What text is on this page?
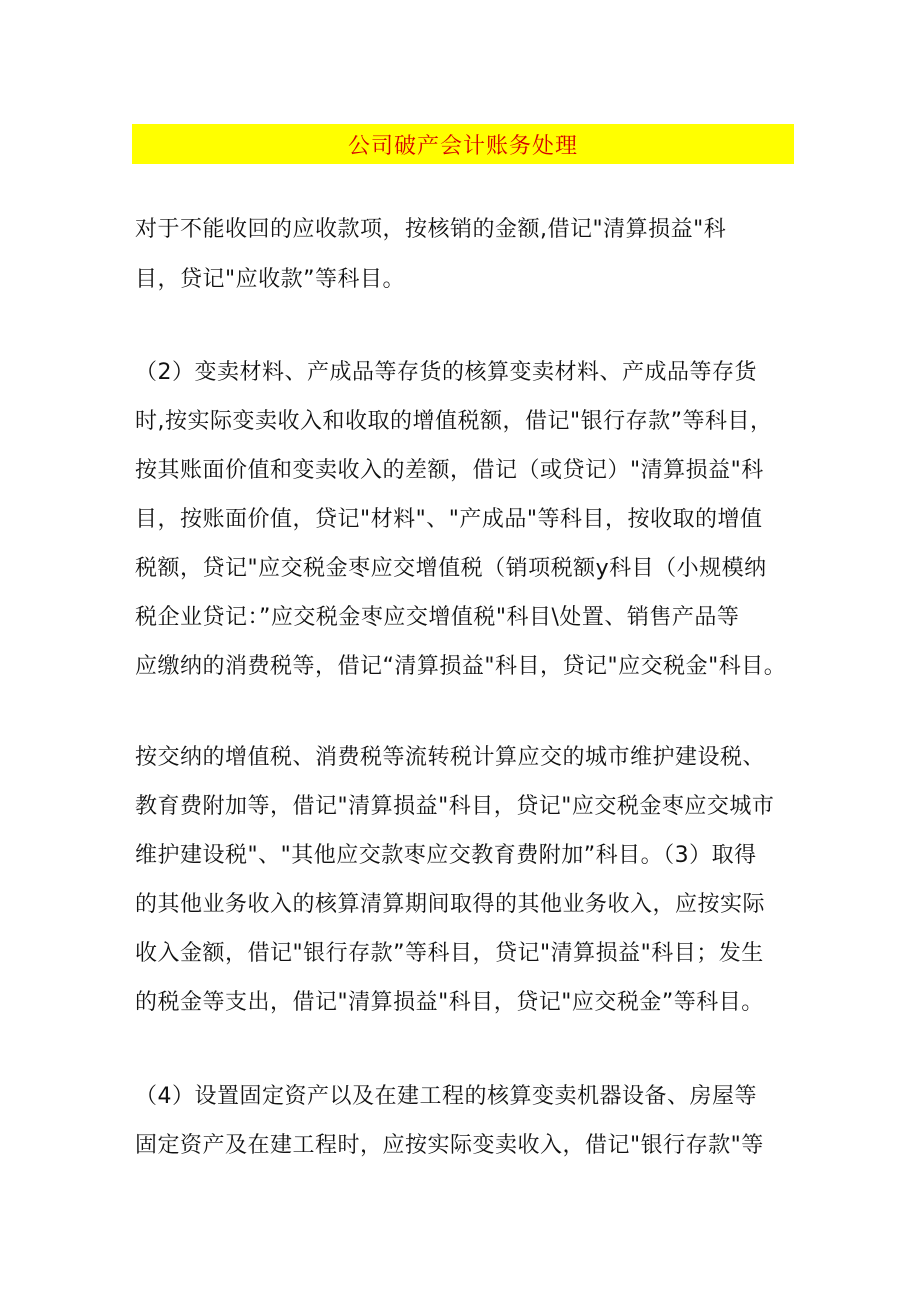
公司破产会计账务处理
对于不能收回的应收款项，按核销的金额,借记"清算损益"科
目，贷记"应收款”等科目。
（2）变卖材料、产成品等存货的核算变卖材料、产成品等存货
时,按实际变卖收入和收取的增值税额，借记"银行存款”等科目，
按其账面价值和变卖收入的差额，借记（或贷记）"清算损益"科
目，按账面价值，贷记"材料"、"产成品"等科目，按收取的增值
税额，贷记"应交税金枣应交增值税（销项税额y科目（小规模纳
税企业贷记：”应交税金枣应交增值税"科目\处置、销售产品等
应缴纳的消费税等，借记“清算损益"科目，贷记"应交税金"科目。
按交纳的增值税、消费税等流转税计算应交的城市维护建设税、
教育费附加等，借记"清算损益"科目，贷记"应交税金枣应交城市
维护建设税"、"其他应交款枣应交教育费附加”科目。（3）取得
的其他业务收入的核算清算期间取得的其他业务收入，应按实际
收入金额，借记"银行存款”等科目，贷记"清算损益"科目；发生
的税金等支出，借记"清算损益"科目，贷记"应交税金”等科目。
（4）设置固定资产以及在建工程的核算变卖机器设备、房屋等
固定资产及在建工程时，应按实际变卖收入，借记"银行存款"等
